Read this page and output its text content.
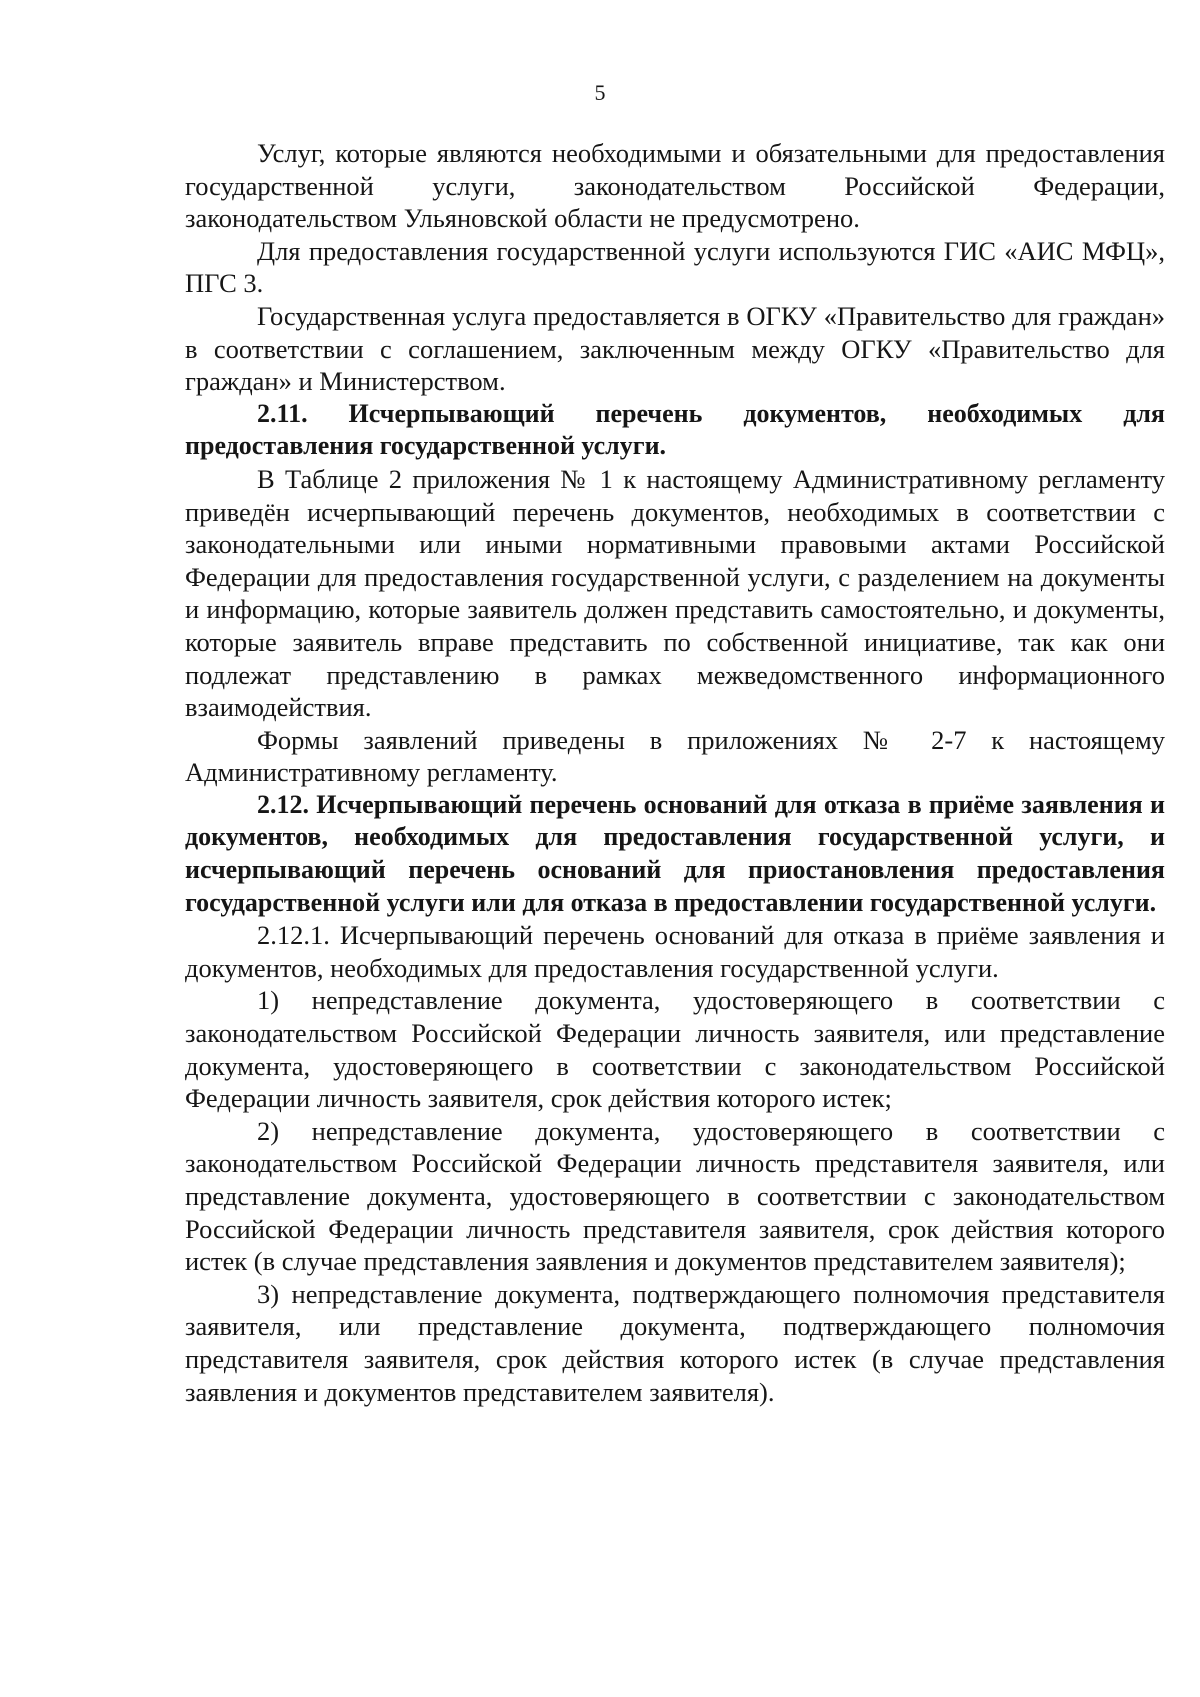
5

Услуг, которые являются необходимыми и обязательными для предоставления государственной услуги, законодательством Российской Федерации, законодательством Ульяновской области не предусмотрено.

Для предоставления государственной услуги используются ГИС «АИС МФЦ», ПГС 3.

Государственная услуга предоставляется в ОГКУ «Правительство для граждан» в соответствии с соглашением, заключенным между ОГКУ «Правительство для граждан» и Министерством.

2.11. Исчерпывающий перечень документов, необходимых для предоставления государственной услуги.

В Таблице 2 приложения № 1 к настоящему Административному регламенту приведён исчерпывающий перечень документов, необходимых в соответствии с законодательными или иными нормативными правовыми актами Российской Федерации для предоставления государственной услуги, с разделением на документы и информацию, которые заявитель должен представить самостоятельно, и документы, которые заявитель вправе представить по собственной инициативе, так как они подлежат представлению в рамках межведомственного информационного взаимодействия.

Формы заявлений приведены в приложениях № 2-7 к настоящему Административному регламенту.

2.12. Исчерпывающий перечень оснований для отказа в приёме заявления и документов, необходимых для предоставления государственной услуги, и исчерпывающий перечень оснований для приостановления предоставления государственной услуги или для отказа в предоставлении государственной услуги.

2.12.1. Исчерпывающий перечень оснований для отказа в приёме заявления и документов, необходимых для предоставления государственной услуги.

1) непредставление документа, удостоверяющего в соответствии с законодательством Российской Федерации личность заявителя, или представление документа, удостоверяющего в соответствии с законодательством Российской Федерации личность заявителя, срок действия которого истек;

2) непредставление документа, удостоверяющего в соответствии с законодательством Российской Федерации личность представителя заявителя, или представление документа, удостоверяющего в соответствии с законодательством Российской Федерации личность представителя заявителя, срок действия которого истек (в случае представления заявления и документов представителем заявителя);

3) непредставление документа, подтверждающего полномочия представителя заявителя, или представление документа, подтверждающего полномочия представителя заявителя, срок действия которого истек (в случае представления заявления и документов представителем заявителя).
